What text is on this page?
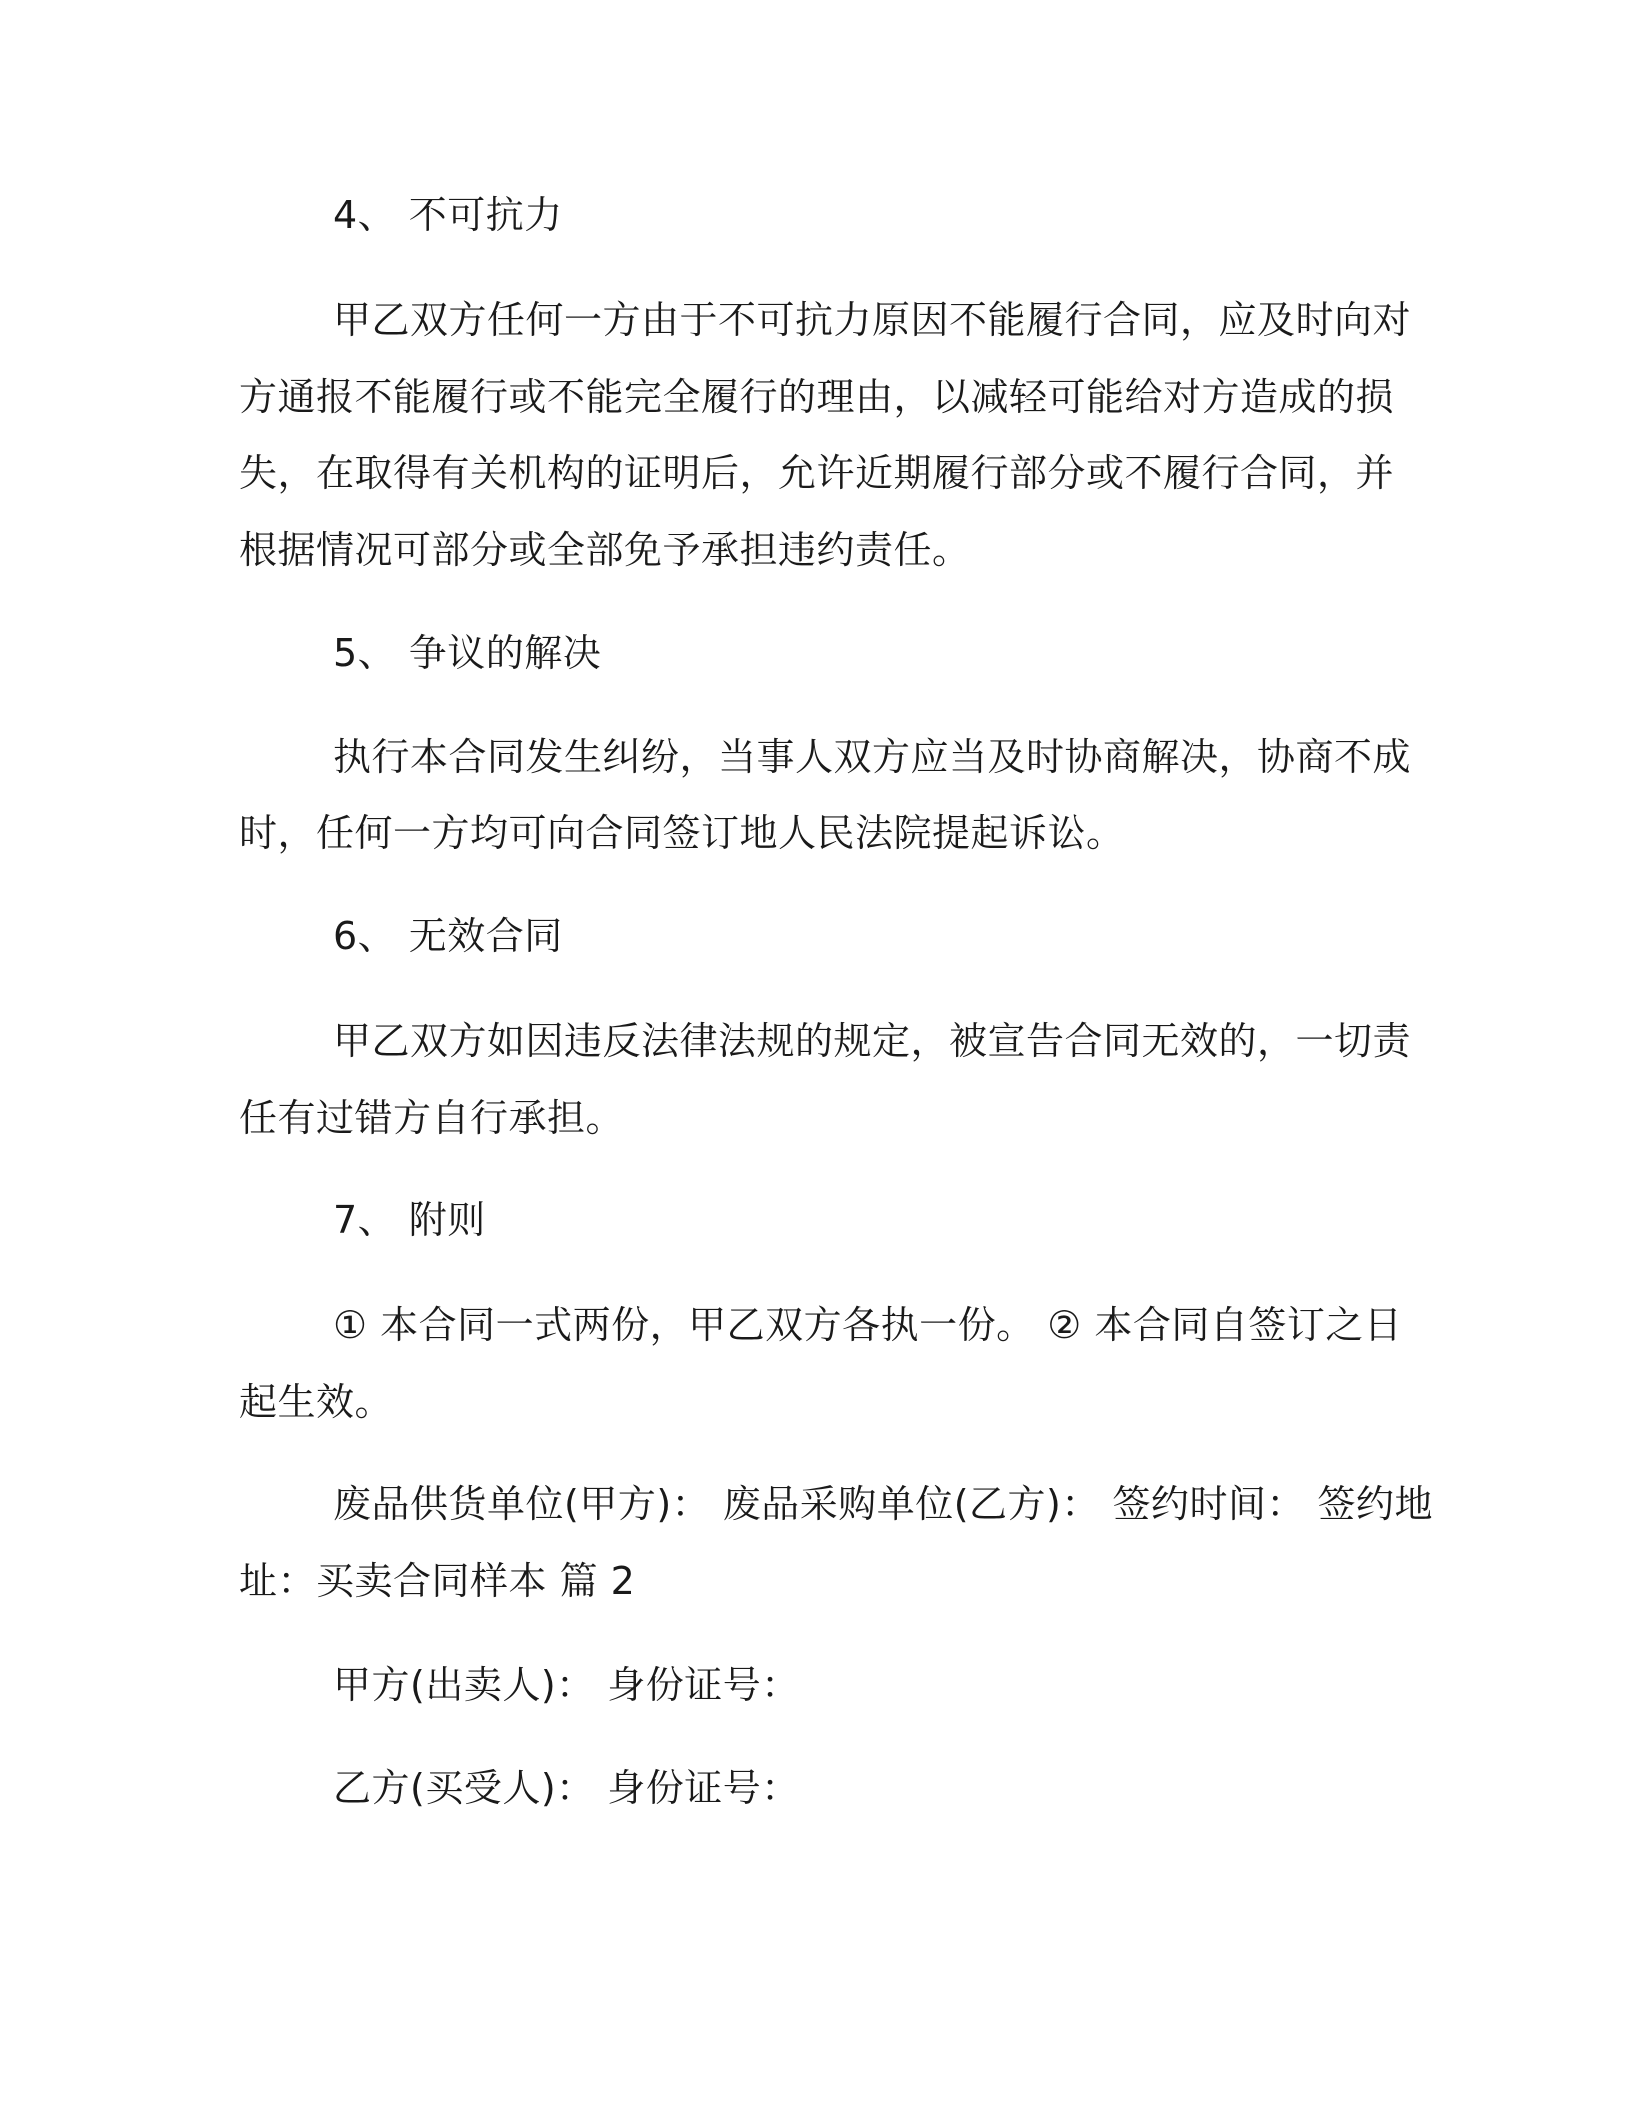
4、 不可抗力
甲乙双方任何一方由于不可抗力原因不能履行合同，应及时向对
方通报不能履行或不能完全履行的理由，以减轻可能给对方造成的损
失，在取得有关机构的证明后，允许近期履行部分或不履行合同，并
根据情况可部分或全部免予承担违约责任。
5、 争议的解决
执行本合同发生纠纷，当事人双方应当及时协商解决，协商不成
时，任何一方均可向合同签订地人民法院提起诉讼。
6、 无效合同
甲乙双方如因违反法律法规的规定，被宣告合同无效的，一切责
任有过错方自行承担。
7、 附则
① 本合同一式两份，甲乙双方各执一份。 ② 本合同自签订之日
起生效。
废品供货单位(甲方)： 废品采购单位(乙方)： 签约时间： 签约地
址：买卖合同样本 篇 2
甲方(出卖人)： 身份证号：
乙方(买受人)： 身份证号：
